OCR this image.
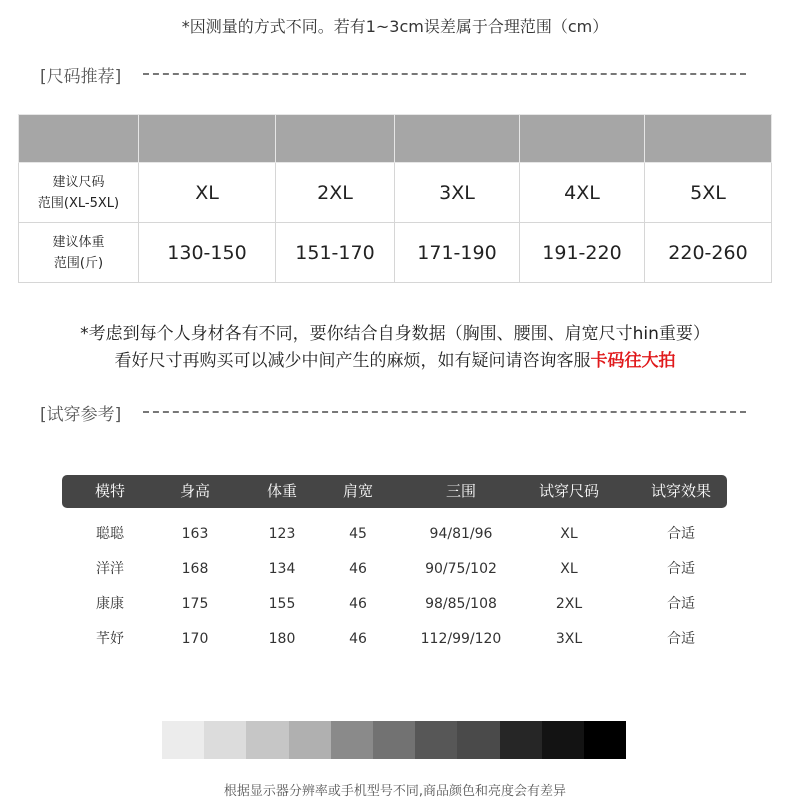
*因测量的方式不同。若有1~3cm误差属于合理范围（cm）
[尺码推荐]

建议尺码
范围(XL-5XL)	XL	2XL	3XL	4XL	5XL

建议体重
范围(斤)	130-150	151-170	171-190	191-220	220-260
*考虑到每个人身材各有不同，要你结合自身数据（胸围、腰围、肩宽尺寸hin重要）
看好尺寸再购买可以减少中间产生的麻烦，如有疑问请咨询客服卡码往大拍
[试穿参考]
模特	身高	体重	肩宽	三围	试穿尺码	试穿效果
聪聪	163	123	45	94/81/96	XL	合适
洋洋	168	134	46	90/75/102	XL	合适
康康	175	155	46	98/85/108	2XL	合适
芊妤	170	180	46	112/99/120	3XL	合适
根据显示器分辨率或手机型号不同,商品颜色和亮度会有差异
